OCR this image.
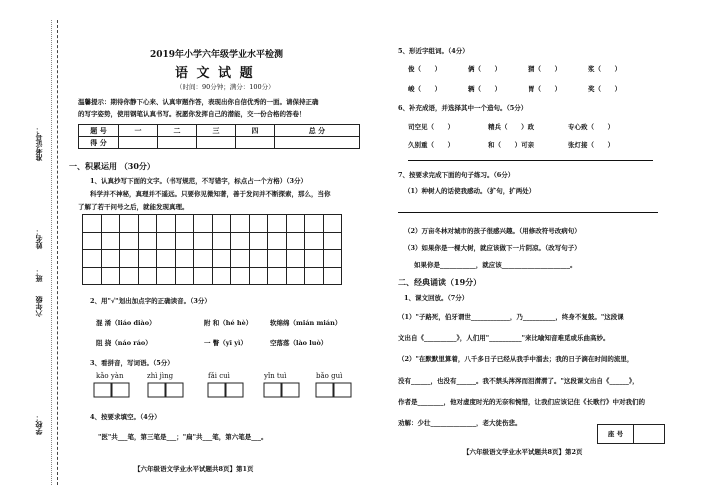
准考证号：
姓名：
班：
六年级
学校：
2019年小学六年级学业水平检测
语 文 试 题
（时间：90分钟；满分：100分）
温馨提示：期待你静下心来、认真审题作答，表现出你自信优秀的一面。请保持正确
的写字姿势，使用钢笔认真书写。祝愿你发挥自己的潜能，交一份合格的答卷！
题 号	一	二	三	四	总 分
得 分					
一、积累运用 （30分）
1、认真抄写下面的文字。（书写规范，不写错字，标点占一个方格）（3分）
科学并不神秘，真理并不遥远。只要你见微知著，善于发问并不断探索，那么，当你
了解了若干问号之后，就能发现真理。

2、用"√"划出加点字的正确读音。（3分）
混 淆（liáo diào）	附 和（hé hè）	软绵绵（mián mián）
阻 挠（náo ráo）	一 瞥（yī yì）	空落落（lào luò）
3、看拼音，写词语。（5分）
kǎo yàn	zhì jìng	fǎi cuì	yǐn tuì	bǎo guì
4、按要求填空。（4分）
"医"共___笔，第三笔是___；"扁"共___笔，第六笔是___。
【六年级语文学业水平试题共8页】第1页
5、形近字组词。（4分）
俊（      ）	俩（      ）	猬（      ）	浆（      ）
峻（      ）	辆（      ）	胃（      ）	奖（      ）
6、补充成语，并选择其中一个造句。（5分）
司空见（      ）	精兵（      ）政	专心致（      ）
久别重（      ）	和（      ）可亲	张灯接（      ）
7、按要求完成下面的句子练习。（6分）
（1）种树人的话使我感动。（扩句，扩两处）
（2）万亩冬林对城市的孩子很感兴趣。（用修改符号改病句）
（3）如果你是一棵大树，就应该做下一片阴凉。（改写句子）
如果你是___________，就应该_____________________。
二、经典诵读（19分）
1、课文回放。（7分）
（1）"子路死，伯牙谓世____________，乃__________，终身不复鼓。"这段课
文出自《__________》，人们用"__________"来比喻知音难觅或乐曲高妙。
（2）"在默默里算着，八千多日子已经从我手中溜去；我的日子滴在时间的流里，
没有______，也没有______。我不禁头涔涔而泪潸潸了。"这段课文出自《______》，
作者是________，他对虚度时光的无奈和惋惜，让我们应该记住《长歌行》中对我们的
劝解：少壮______________，老大徒伤悲。
座 号
【六年级语文学业水平试题共8页】第2页
